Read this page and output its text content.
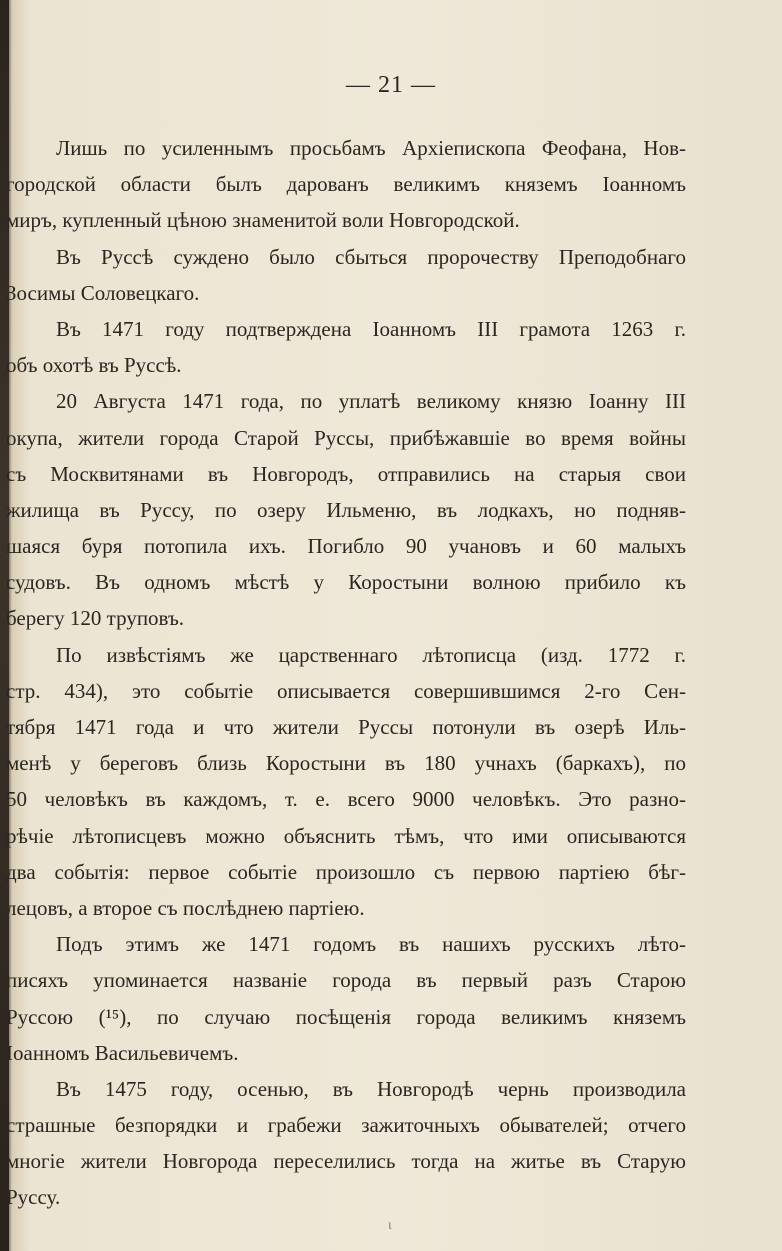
— 21 —
Лишь по усиленнымъ просьбамъ Архіепископа Феофана, Нов-
городской области былъ дарованъ великимъ княземъ Іоанномъ
миръ, купленный цѣною знаменитой воли Новгородской.
Въ Руссѣ суждено было сбыться пророчеству Преподобнаго
Зосимы Соловецкаго.
Въ 1471 году подтверждена Іоанномъ III грамота 1263 г.
объ охотѣ въ Руссѣ.
20 Августа 1471 года, по уплатѣ великому князю Іоанну III
окупа, жители города Старой Руссы, прибѣжавшіе во время войны
съ Москвитянами въ Новгородъ, отправились на старыя свои
жилища въ Руссу, по озеру Ильменю, въ лодкахъ, но подняв-
шаяся буря потопила ихъ. Погибло 90 учановъ и 60 малыхъ
судовъ. Въ одномъ мѣстѣ у Коростыни волною прибило къ
берегу 120 труповъ.
По извѣстіямъ же царственнаго лѣтописца (изд. 1772 г.
стр. 434), это событіе описывается совершившимся 2-го Сен-
тября 1471 года и что жители Руссы потонули въ озерѣ Иль-
менѣ у береговъ близь Коростыни въ 180 учнахъ (баркахъ), по
50 человѣкъ въ каждомъ, т. е. всего 9000 человѣкъ. Это разно-
рѣчіе лѣтописцевъ можно объяснить тѣмъ, что ими описываются
два событія: первое событіе произошло съ первою партіею бѣг-
лецовъ, а второе съ послѣднею партіею.
Подъ этимъ же 1471 годомъ въ нашихъ русскихъ лѣто-
писяхъ упоминается названіе города въ первый разъ Старою
Руссою (¹⁵), по случаю посѣщенія города великимъ княземъ
Іоанномъ Васильевичемъ.
Въ 1475 году, осенью, въ Новгородѣ чернь производила
страшные безпорядки и грабежи зажиточныхъ обывателей; отчего
многіе жители Новгорода переселились тогда на житье въ Старую
Руссу.
ɩ
